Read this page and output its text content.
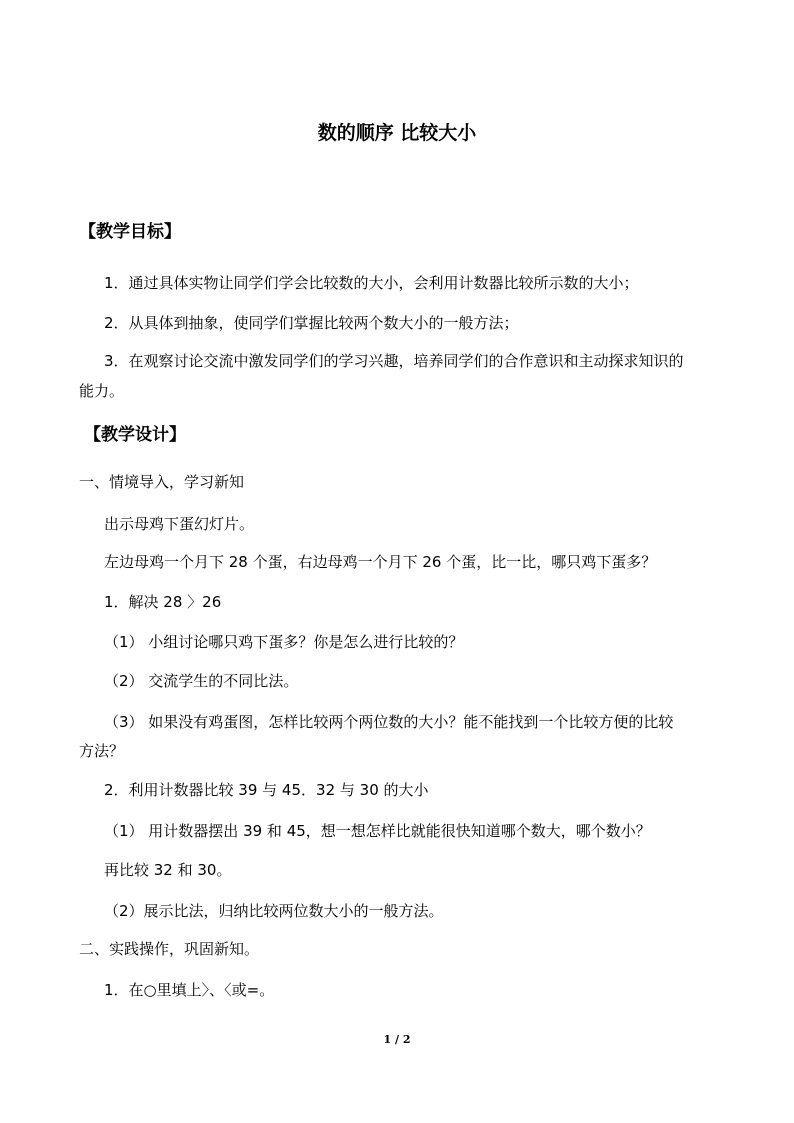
数的顺序 比较大小
【教学目标】
1．通过具体实物让同学们学会比较数的大小，会利用计数器比较所示数的大小；
2．从具体到抽象，使同学们掌握比较两个数大小的一般方法；
3．在观察讨论交流中激发同学们的学习兴趣，培养同学们的合作意识和主动探求知识的
能力。
【教学设计】
一、情境导入，学习新知
出示母鸡下蛋幻灯片。
左边母鸡一个月下 28 个蛋，右边母鸡一个月下 26 个蛋，比一比，哪只鸡下蛋多？
1．解决 28 〉26
（1） 小组讨论哪只鸡下蛋多？你是怎么进行比较的？
（2） 交流学生的不同比法。
（3） 如果没有鸡蛋图，怎样比较两个两位数的大小？能不能找到一个比较方便的比较
方法？
2．利用计数器比较 39 与 45．32 与 30 的大小
（1） 用计数器摆出 39 和 45，想一想怎样比就能很快知道哪个数大，哪个数小？
再比较 32 和 30。
（2）展示比法，归纳比较两位数大小的一般方法。
二、实践操作，巩固新知。
1．在○里填上〉、〈或=。
1 / 2
